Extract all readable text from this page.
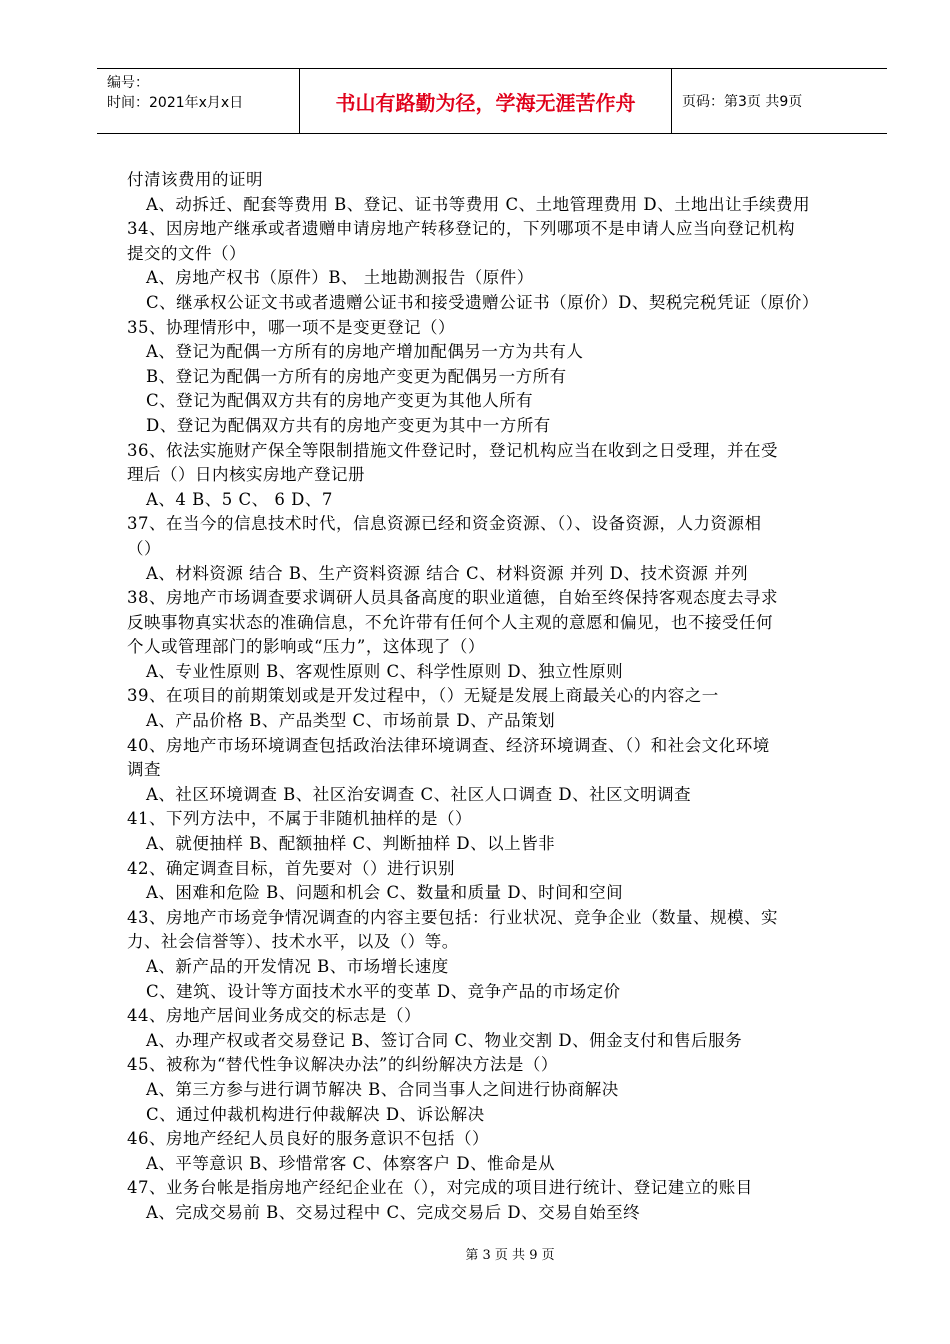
编号：
时间：2021年x月x日	书山有路勤为径，学海无涯苦作舟	页码：第3页 共9页
付清该费用的证明
A、动拆迁、配套等费用 B、登记、证书等费用 C、土地管理费用 D、土地出让手续费用
34、因房地产继承或者遗赠申请房地产转移登记的，下列哪项不是申请人应当向登记机构
提交的文件（）
A、房地产权书（原件）B、 土地勘测报告（原件）
C、继承权公证文书或者遗赠公证书和接受遗赠公证书（原价）D、契税完税凭证（原价）
35、协理情形中，哪一项不是变更登记（）
A、登记为配偶一方所有的房地产增加配偶另一方为共有人
B、登记为配偶一方所有的房地产变更为配偶另一方所有
C、登记为配偶双方共有的房地产变更为其他人所有
D、登记为配偶双方共有的房地产变更为其中一方所有
36、依法实施财产保全等限制措施文件登记时，登记机构应当在收到之日受理，并在受
理后（）日内核实房地产登记册
A、4 B、5 C、 6 D、7
37、在当今的信息技术时代，信息资源已经和资金资源、（）、设备资源，人力资源相
（）
A、材料资源 结合 B、生产资料资源 结合 C、材料资源 并列 D、技术资源 并列
38、房地产市场调查要求调研人员具备高度的职业道德，自始至终保持客观态度去寻求
反映事物真实状态的准确信息，不允许带有任何个人主观的意愿和偏见，也不接受任何
个人或管理部门的影响或“压力”，这体现了（）
A、专业性原则 B、客观性原则 C、科学性原则 D、独立性原则
39、在项目的前期策划或是开发过程中，（）无疑是发展上商最关心的内容之一
A、产品价格 B、产品类型 C、市场前景 D、产品策划
40、房地产市场环境调查包括政治法律环境调查、经济环境调查、（）和社会文化环境
调查
A、社区环境调查 B、社区治安调查 C、社区人口调查 D、社区文明调查
41、下列方法中，不属于非随机抽样的是（）
A、就便抽样 B、配额抽样 C、判断抽样 D、以上皆非
42、确定调查目标，首先要对（）进行识别
A、困难和危险 B、问题和机会 C、数量和质量 D、时间和空间
43、房地产市场竞争情况调查的内容主要包括：行业状况、竞争企业（数量、规模、实
力、社会信誉等）、技术水平，以及（）等。
A、新产品的开发情况 B、市场增长速度
C、建筑、设计等方面技术水平的变革 D、竞争产品的市场定价
44、房地产居间业务成交的标志是（）
A、办理产权或者交易登记 B、签订合同 C、物业交割 D、佣金支付和售后服务
45、被称为“替代性争议解决办法”的纠纷解决方法是（）
A、第三方参与进行调节解决 B、合同当事人之间进行协商解决
C、通过仲裁机构进行仲裁解决 D、诉讼解决
46、房地产经纪人员良好的服务意识不包括（）
A、平等意识 B、珍惜常客 C、体察客户 D、惟命是从
47、业务台帐是指房地产经纪企业在（），对完成的项目进行统计、登记建立的账目
A、完成交易前 B、交易过程中 C、完成交易后 D、交易自始至终
第 3 页 共 9 页
